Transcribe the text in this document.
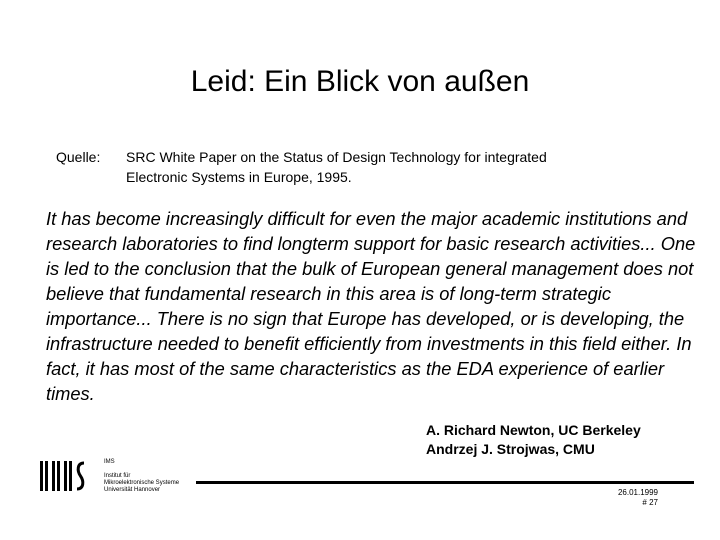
Leid: Ein Blick von außen
Quelle: SRC White Paper on the Status of Design Technology for integrated
Electronic Systems in Europe, 1995.
It has become increasingly difficult for even the major academic institutions and research laboratories to find longterm support for basic research activities... One is led to the conclusion that the bulk of European general management does not believe that fundamental research in this area is of long-term strategic importance... There is no sign that Europe has developed, or is developing, the infrastructure needed to benefit efficiently from investments in this field either. In fact, it has most of the same characteristics as the EDA experience of earlier times.
A. Richard Newton, UC Berkeley
Andrzej J. Strojwas, CMU
IMS
Institut für
Mikroelektronische Systeme
Universität Hannover	26.01.1999
# 27
